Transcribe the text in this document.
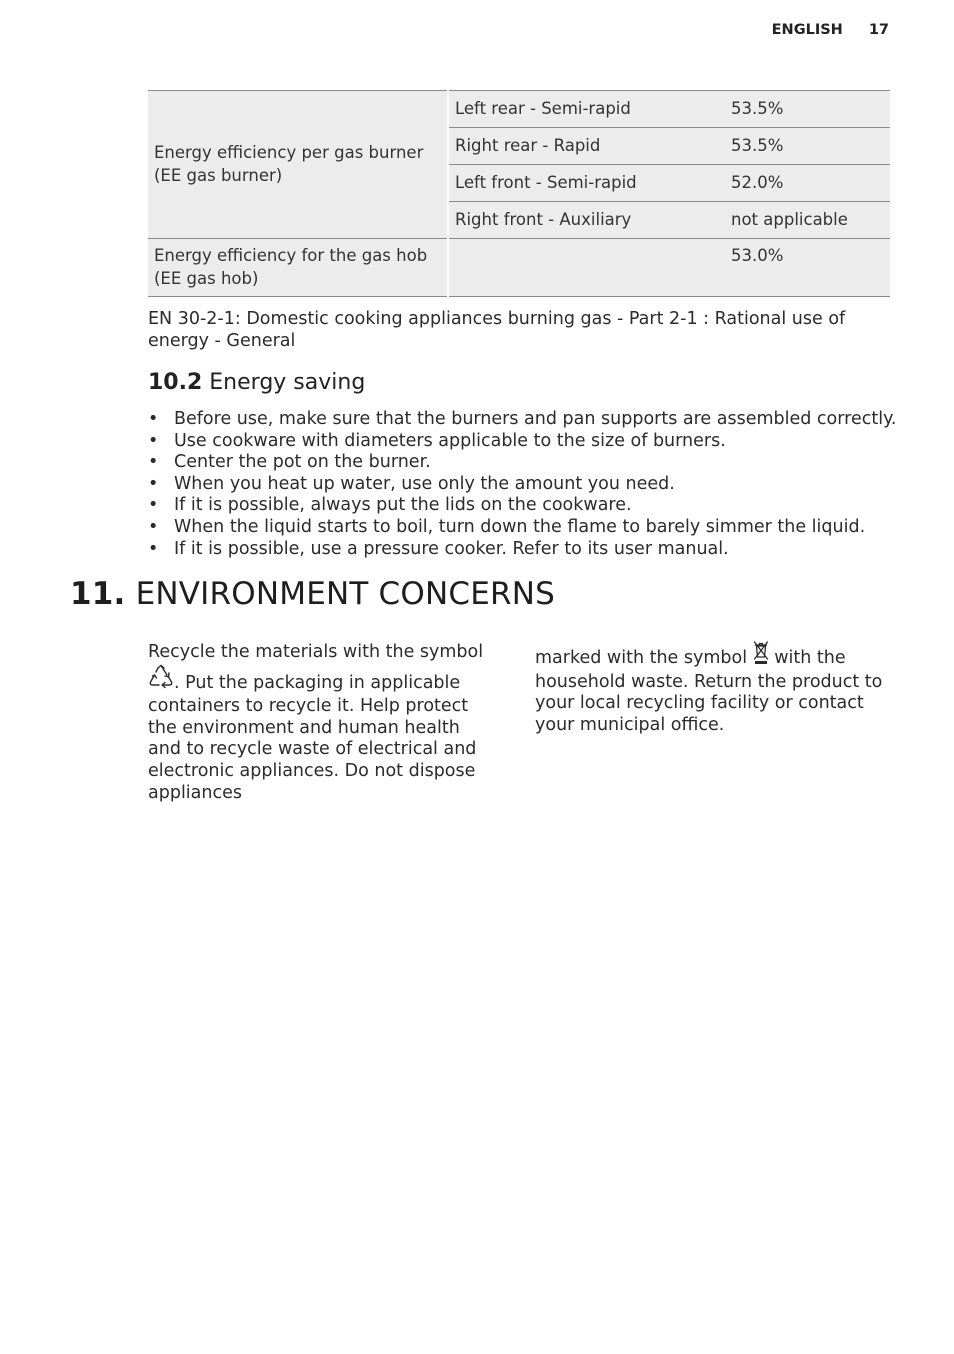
ENGLISH 17
Energy efficiency per gas burner
(EE gas burner)	Left rear - Semi-rapid	53.5%
	Right rear - Rapid	53.5%
	Left front - Semi-rapid	52.0%
	Right front - Auxiliary	not applicable
Energy efficiency for the gas hob
(EE gas hob)		53.0%

EN 30-2-1: Domestic cooking appliances burning gas - Part 2-1 : Rational use of energy - General

10.2 Energy saving
• Before use, make sure that the burners and pan supports are assembled correctly.
• Use cookware with diameters applicable to the size of burners.
• Center the pot on the burner.
• When you heat up water, use only the amount you need.
• If it is possible, always put the lids on the cookware.
• When the liquid starts to boil, turn down the flame to barely simmer the liquid.
• If it is possible, use a pressure cooker. Refer to its user manual.
11. ENVIRONMENT CONCERNS
Recycle the materials with the symbol . Put the packaging in applicable containers to recycle it. Help protect the environment and human health and to recycle waste of electrical and electronic appliances. Do not dispose appliances
marked with the symbol  with the household waste. Return the product to your local recycling facility or contact your municipal office.
